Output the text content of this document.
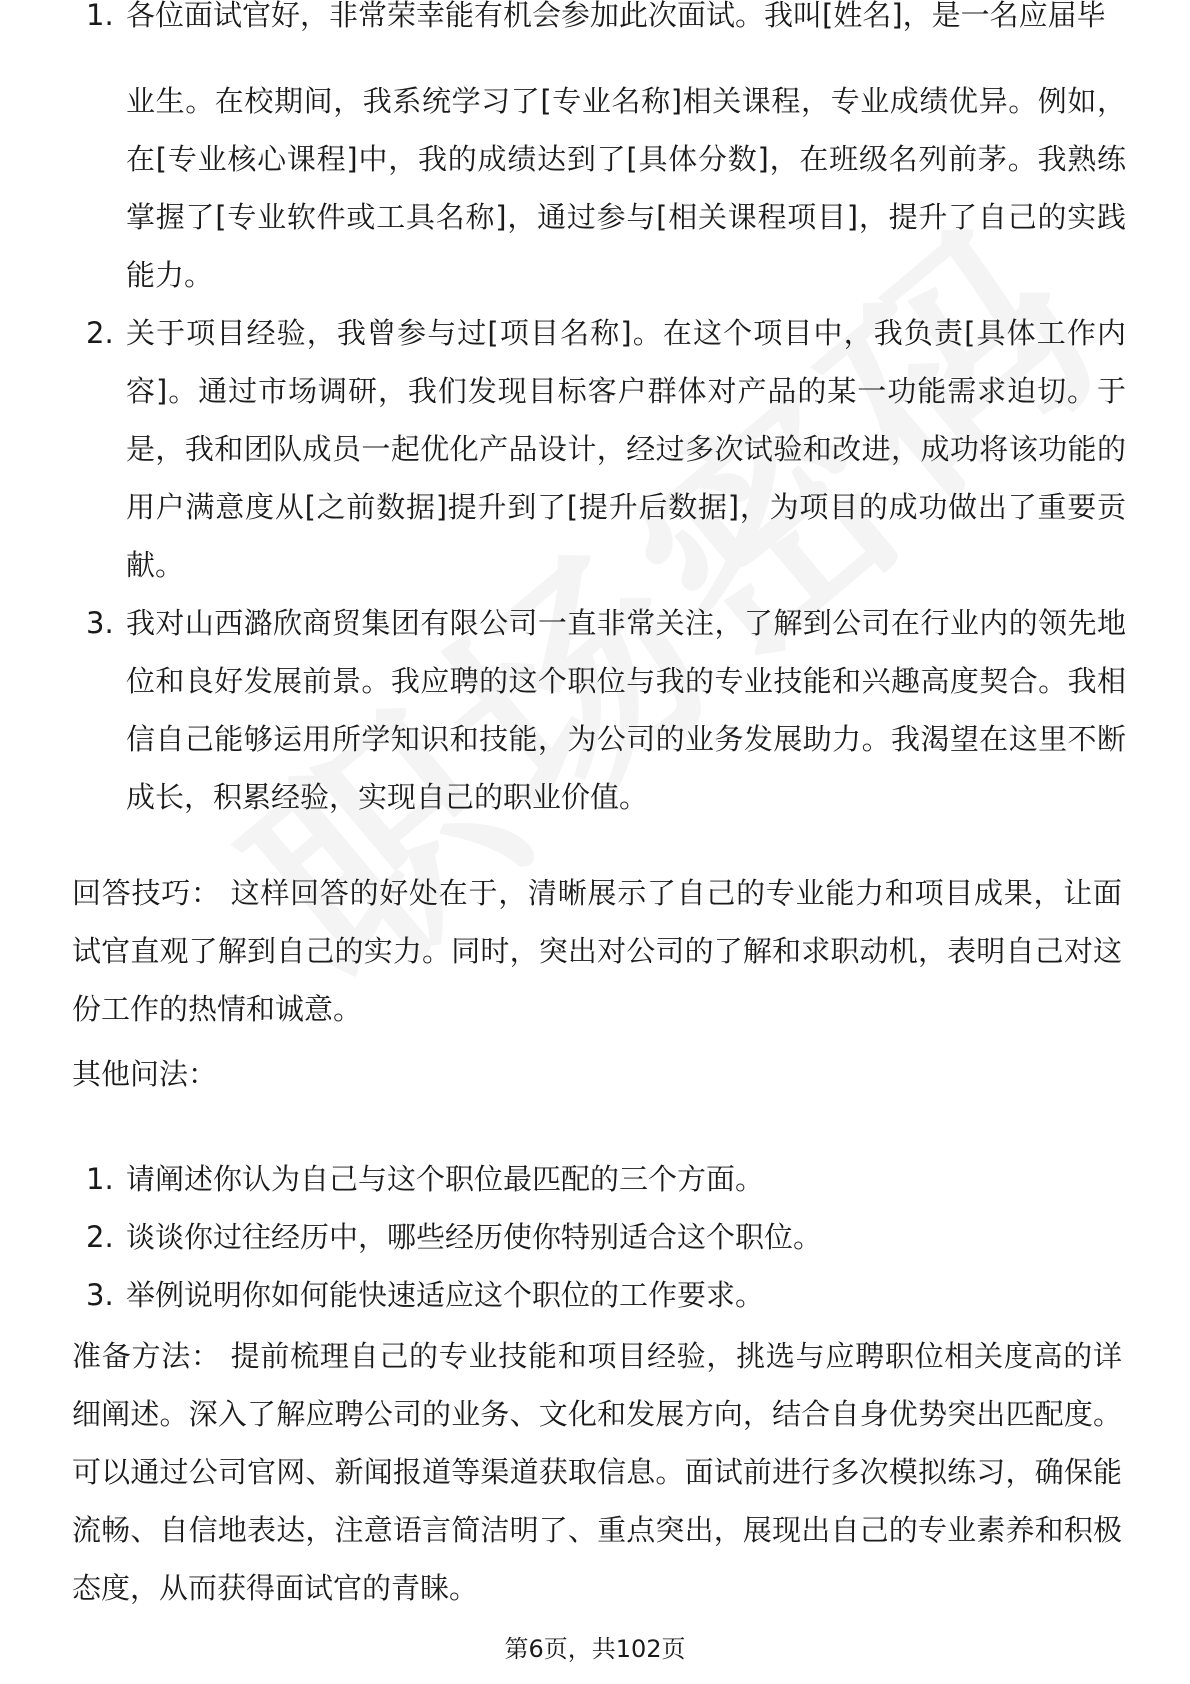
1. 各位面试官好，非常荣幸能有机会参加此次面试。我叫[姓名]，是一名应届毕
业生。在校期间，我系统学习了[专业名称]相关课程，专业成绩优异。例如，在[专业核心课程]中，我的成绩达到了[具体分数]，在班级名列前茅。我熟练掌握了[专业软件或工具名称]，通过参与[相关课程项目]，提升了自己的实践能力。
2. 关于项目经验，我曾参与过[项目名称]。在这个项目中，我负责[具体工作内容]。通过市场调研，我们发现目标客户群体对产品的某一功能需求迫切。于是，我和团队成员一起优化产品设计，经过多次试验和改进，成功将该功能的用户满意度从[之前数据]提升到了[提升后数据]，为项目的成功做出了重要贡献。
3. 我对山西潞欣商贸集团有限公司一直非常关注，了解到公司在行业内的领先地位和良好发展前景。我应聘的这个职位与我的专业技能和兴趣高度契合。我相信自己能够运用所学知识和技能，为公司的业务发展助力。我渴望在这里不断成长，积累经验，实现自己的职业价值。

回答技巧： 这样回答的好处在于，清晰展示了自己的专业能力和项目成果，让面试官直观了解到自己的实力。同时，突出对公司的了解和求职动机，表明自己对这份工作的热情和诚意。

其他问法：

1. 请阐述你认为自己与这个职位最匹配的三个方面。
2. 谈谈你过往经历中，哪些经历使你特别适合这个职位。
3. 举例说明你如何能快速适应这个职位的工作要求。

准备方法： 提前梳理自己的专业技能和项目经验，挑选与应聘职位相关度高的详细阐述。深入了解应聘公司的业务、文化和发展方向，结合自身优势突出匹配度。可以通过公司官网、新闻报道等渠道获取信息。面试前进行多次模拟练习，确保能流畅、自信地表达，注意语言简洁明了、重点突出，展现出自己的专业素养和积极态度，从而获得面试官的青睐。

第6页，共102页
